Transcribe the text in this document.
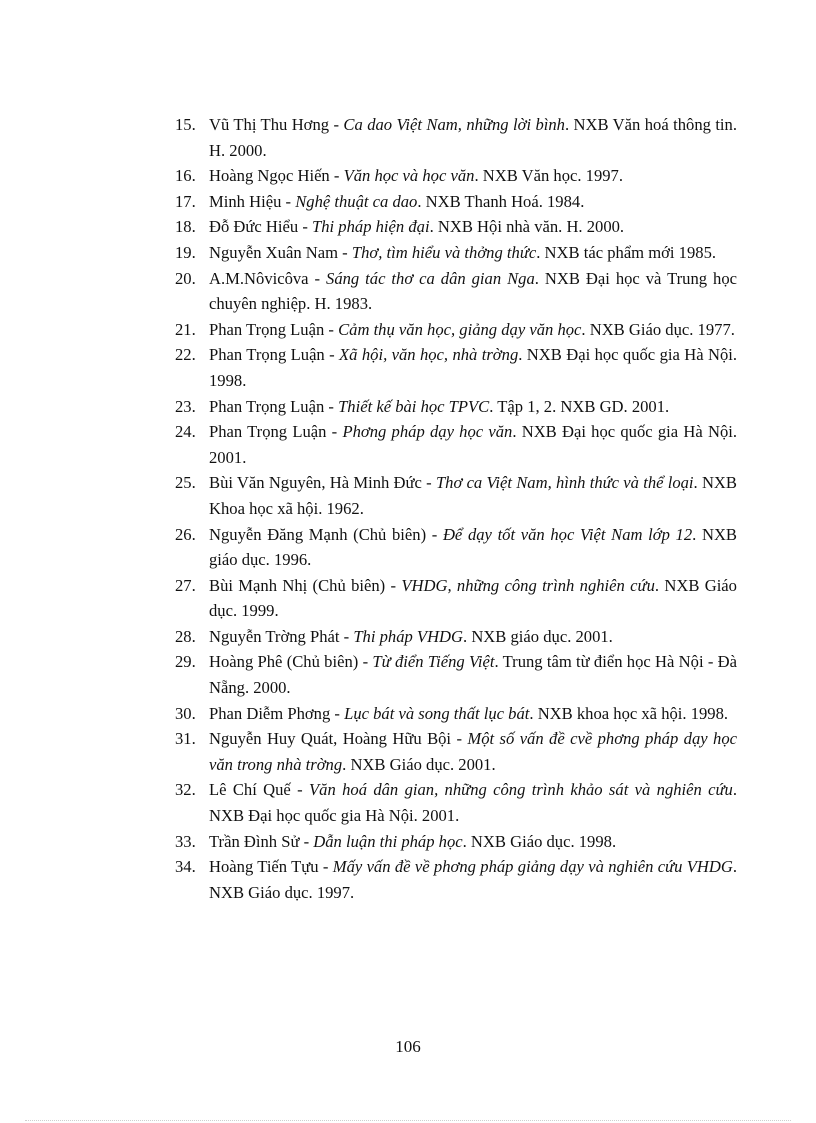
15. Vũ Thị Thu Hơng - Ca dao Việt Nam, những lời bình. NXB Văn hoá thông tin. H. 2000.
16. Hoàng Ngọc Hiến - Văn học và học văn. NXB Văn học. 1997.
17. Minh Hiệu - Nghệ thuật ca dao. NXB Thanh Hoá. 1984.
18. Đỗ Đức Hiểu - Thi pháp hiện đại. NXB Hội nhà văn. H. 2000.
19. Nguyễn Xuân Nam - Thơ, tìm hiểu và thởng thức. NXB tác phẩm mới 1985.
20. A.M.Nôvicôva - Sáng tác thơ ca dân gian Nga. NXB Đại học và Trung học chuyên nghiệp. H. 1983.
21. Phan Trọng Luận - Cảm thụ văn học, giảng dạy văn học. NXB Giáo dục. 1977.
22. Phan Trọng Luận - Xã hội, văn học, nhà trờng. NXB Đại học quốc gia Hà Nội. 1998.
23. Phan Trọng Luận - Thiết kế bài học TPVC. Tập 1, 2. NXB GD. 2001.
24. Phan Trọng Luận - Phơng pháp dạy học văn. NXB Đại học quốc gia Hà Nội. 2001.
25. Bùi Văn Nguyên, Hà Minh Đức - Thơ ca Việt Nam, hình thức và thể loại. NXB Khoa học xã hội. 1962.
26. Nguyễn Đăng Mạnh (Chủ biên) - Để dạy tốt văn học Việt Nam lớp 12. NXB giáo dục. 1996.
27. Bùi Mạnh Nhị (Chủ biên) - VHDG, những công trình nghiên cứu. NXB Giáo dục. 1999.
28. Nguyễn Trờng Phát - Thi pháp VHDG. NXB giáo dục. 2001.
29. Hoàng Phê (Chủ biên) - Từ điển Tiếng Việt. Trung tâm từ điển học Hà Nội - Đà Nẵng. 2000.
30. Phan Diễm Phơng - Lục bát và song thất lục bát. NXB khoa học xã hội. 1998.
31. Nguyễn Huy Quát, Hoàng Hữu Bội - Một số vấn đề cvề phơng pháp dạy học văn trong nhà trờng. NXB Giáo dục. 2001.
32. Lê Chí Quế - Văn hoá dân gian, những công trình khảo sát và nghiên cứu. NXB Đại học quốc gia Hà Nội. 2001.
33. Trần Đình Sử - Dẫn luận thi pháp học. NXB Giáo dục. 1998.
34. Hoàng Tiến Tựu - Mấy vấn đề về phơng pháp giảng dạy và nghiên cứu VHDG. NXB Giáo dục. 1997.
106
